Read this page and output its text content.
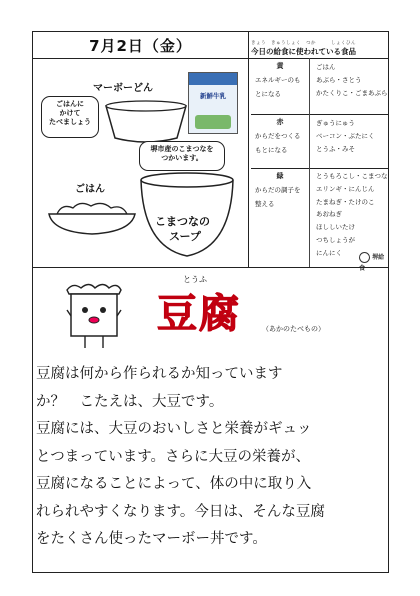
7月2日（金）	きょう　きゅうしょく　つか　　　しょくひん
今日の給食に使われている食品
マーボーどん
ごはんに
かけて
たべましょう
新鮮牛乳
堺市産のこまつなを
つかいます。
ごはん
こまつなの
スープ
黄
エネルギーのも
とになる
ごはん
あぶら・さとう
かたくりこ・ごまあぶら
赤
からだをつくる
もとになる
ぎゅうにゅう
ベーコン・ぶたにく
とうふ・みそ
緑
からだの調子を
整える
とうもろこし・こまつな
エリンギ・にんじん
たまねぎ・たけのこ
あおねぎ
ほししいたけ
つちしょうが
にんにく
堺給食
とうふ
豆腐	（あかのたべもの）

豆腐は何から作られるか知っています

か？　こたえは、大豆です。

豆腐には、大豆のおいしさと栄養がギュッ

とつまっています。さらに大豆の栄養が、

豆腐になることによって、体の中に取り入

れられやすくなります。今日は、そんな豆腐

をたくさん使ったマーボー丼です。
